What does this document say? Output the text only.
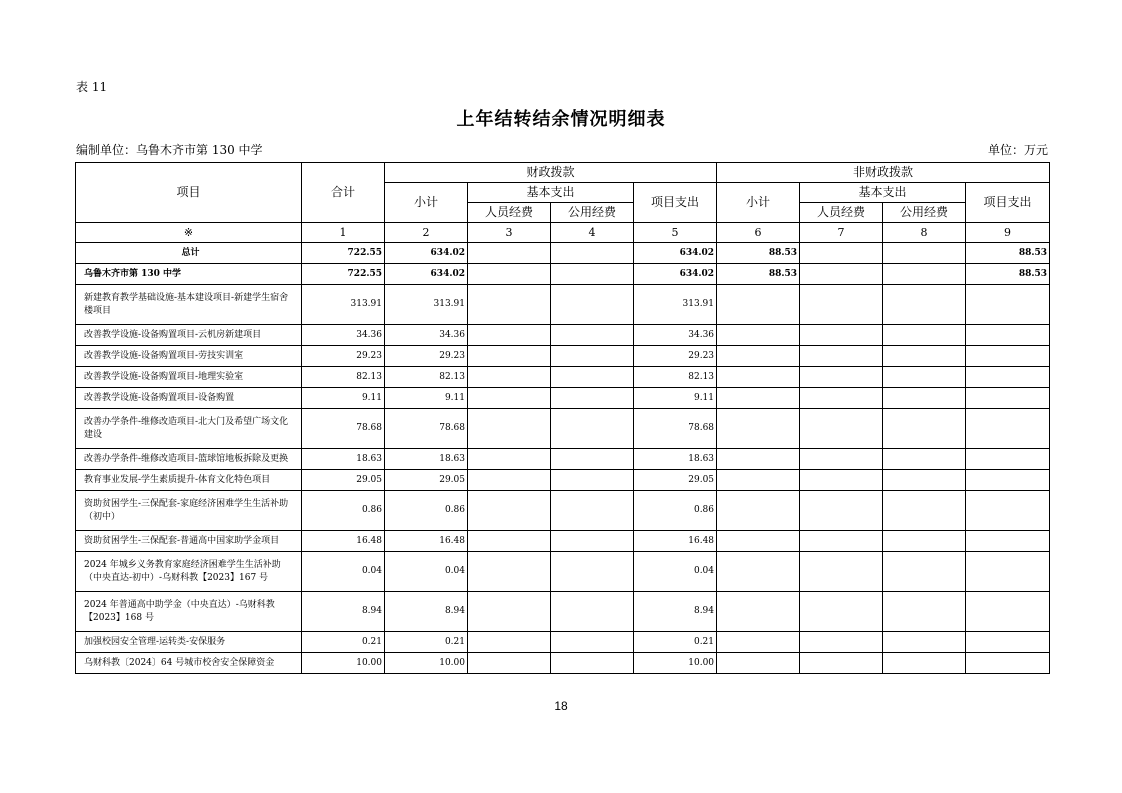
表 11
上年结转结余情况明细表
编制单位：乌鲁木齐市第 130 中学	单位：万元
项目	合计	财政拨款				非财政拨款			
		小计	基本支出		项目支出	小计	基本支出		项目支出
			人员经费	公用经费			人员经费	公用经费	
※	1	2	3	4	5	6	7	8	9
总计	722.55	634.02			634.02	88.53			88.53
乌鲁木齐市第 130 中学	722.55	634.02			634.02	88.53			88.53
新建教育教学基础设施-基本建设项目-新建学生宿舍楼项目	313.91	313.91			313.91				
改善教学设施-设备购置项目-云机房新建项目	34.36	34.36			34.36				
改善教学设施-设备购置项目-劳技实训室	29.23	29.23			29.23				
改善教学设施-设备购置项目-地理实验室	82.13	82.13			82.13				
改善教学设施-设备购置项目-设备购置	9.11	9.11			9.11				
改善办学条件-维修改造项目-北大门及希望广场文化建设	78.68	78.68			78.68				
改善办学条件-维修改造项目-篮球馆地板拆除及更换	18.63	18.63			18.63				
教育事业发展-学生素质提升-体育文化特色项目	29.05	29.05			29.05				
资助贫困学生-三保配套-家庭经济困难学生生活补助（初中）	0.86	0.86			0.86				
资助贫困学生-三保配套-普通高中国家助学金项目	16.48	16.48			16.48				
2024 年城乡义务教育家庭经济困难学生生活补助（中央直达-初中）-乌财科教【2023】167 号	0.04	0.04			0.04				
2024 年普通高中助学金（中央直达）-乌财科教【2023】168 号	8.94	8.94			8.94				
加强校园安全管理-运转类-安保服务	0.21	0.21			0.21				
乌财科教〔2024〕64 号城市校舍安全保障资金	10.00	10.00			10.00				
18
